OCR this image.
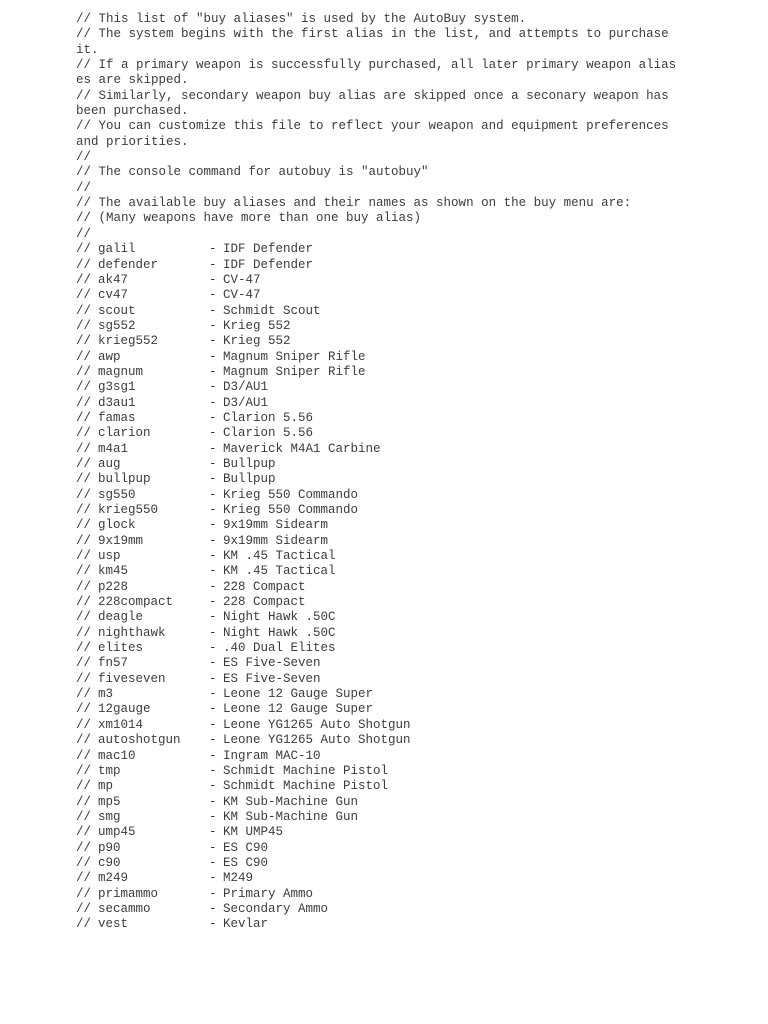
// This list of "buy aliases" is used by the AutoBuy system.
// The system begins with the first alias in the list, and attempts to purchase
it.
// If a primary weapon is successfully purchased, all later primary weapon alias
es are skipped.
// Similarly, secondary weapon buy alias are skipped once a seconary weapon has
been purchased.
// You can customize this file to reflect your weapon and equipment preferences
and priorities.
//
// The console command for autobuy is "autobuy"
//
// The available buy aliases and their names as shown on the buy menu are:
// (Many weapons have more than one buy alias)
//
// galil	- IDF Defender
// defender	- IDF Defender
// ak47	- CV-47
// cv47	- CV-47
// scout	- Schmidt Scout
// sg552	- Krieg 552
// krieg552	- Krieg 552
// awp	- Magnum Sniper Rifle
// magnum	- Magnum Sniper Rifle
// g3sg1	- D3/AU1
// d3au1	- D3/AU1
// famas	- Clarion 5.56
// clarion	- Clarion 5.56
// m4a1	- Maverick M4A1 Carbine
// aug	- Bullpup
// bullpup	- Bullpup
// sg550	- Krieg 550 Commando
// krieg550	- Krieg 550 Commando
// glock	- 9x19mm Sidearm
// 9x19mm	- 9x19mm Sidearm
// usp	- KM .45 Tactical
// km45	- KM .45 Tactical
// p228	- 228 Compact
// 228compact	- 228 Compact
// deagle	- Night Hawk .50C
// nighthawk	- Night Hawk .50C
// elites	- .40 Dual Elites
// fn57	- ES Five-Seven
// fiveseven	- ES Five-Seven
// m3	- Leone 12 Gauge Super
// 12gauge	- Leone 12 Gauge Super
// xm1014	- Leone YG1265 Auto Shotgun
// autoshotgun	- Leone YG1265 Auto Shotgun
// mac10	- Ingram MAC-10
// tmp	- Schmidt Machine Pistol
// mp	- Schmidt Machine Pistol
// mp5	- KM Sub-Machine Gun
// smg	- KM Sub-Machine Gun
// ump45	- KM UMP45
// p90	- ES C90
// c90	- ES C90
// m249	- M249
// primammo	- Primary Ammo
// secammo	- Secondary Ammo
// vest	- Kevlar
